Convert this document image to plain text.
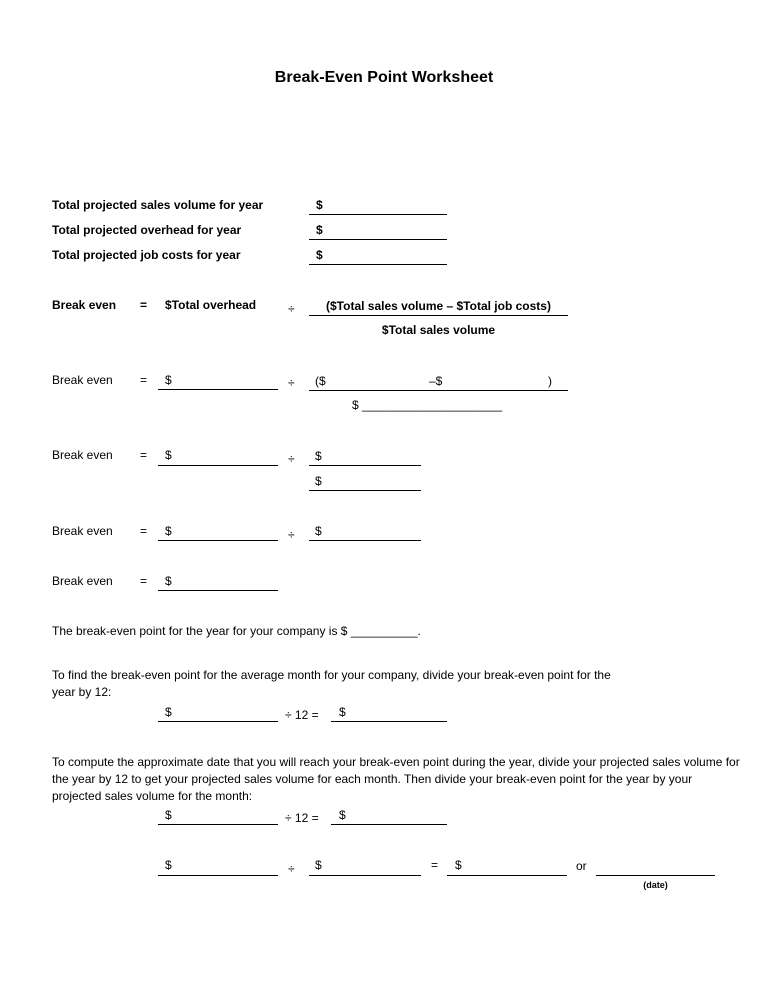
Break-Even Point Worksheet
Total projected sales volume for year	$
Total projected overhead for year	$
Total projected job costs for year	$
Break even = $Total overhead	÷	($Total sales volume – $Total job costs)
$Total sales volume
Break even = $	÷ ($	–$	)
$ _____________________
Break even = $	÷ $
$
Break even = $	÷ $
Break even = $
The break-even point for the year for your company is $ __________.
To find the break-even point for the average month for your company, divide your break-even point for the year by 12:
$	÷ 12 = $
To compute the approximate date that you will reach your break-even point during the year, divide your projected sales volume for the year by 12 to get your projected sales volume for each month. Then divide your break-even point for the year by your projected sales volume for the month:
$	÷ 12 = $
$	÷ $	= $	or
(date)
